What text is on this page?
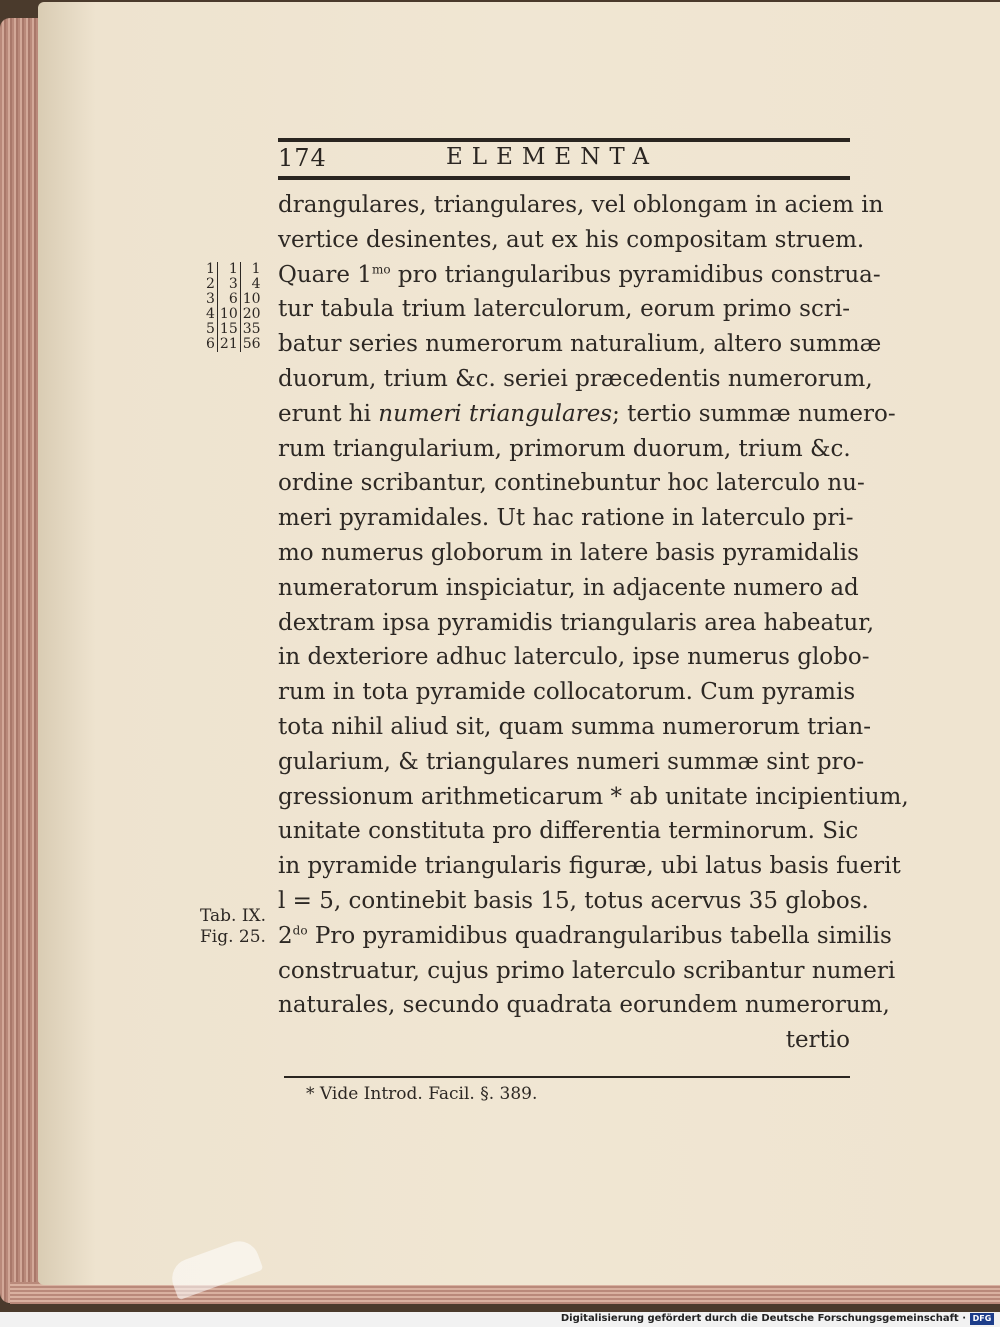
174	ELEMENTA
1	1	1
2	3	4
3	6	10
4	10	20
5	15	35
6	21	56
Tab. IX.
Fig. 25.
drangulares, triangulares, vel oblongam in aciem in
vertice desinentes, aut ex his compositam struem.
Quare $1^{mo}$ pro triangularibus pyramidibus construa-
tur tabula trium laterculorum, eorum primo scri-
batur series numerorum naturalium, altero summæ
duorum, trium &c. seriei præcedentis numerorum,
erunt hi numeri triangulares; tertio summæ numero-
rum triangularium, primorum duorum, trium &c.
ordine scribantur, continebuntur hoc laterculo nu-
meri pyramidales. Ut hac ratione in laterculo pri-
mo numerus globorum in latere basis pyramidalis
numeratorum inspiciatur, in adjacente numero ad
dextram ipsa pyramidis triangularis area habeatur,
in dexteriore adhuc laterculo, ipse numerus globo-
rum in tota pyramide collocatorum. Cum pyramis
tota nihil aliud sit, quam summa numerorum trian-
gularium, & triangulares numeri summæ sint pro-
gressionum arithmeticarum * ab unitate incipientium,
unitate constituta pro differentia terminorum. Sic
in pyramide triangularis figuræ, ubi latus basis fuerit
l = 5, continebit basis 15, totus acervus 35 globos.
$2^{do}$ Pro pyramidibus quadrangularibus tabella similis
construatur, cujus primo laterculo scribantur numeri
naturales, secundo quadrata eorundem numerorum,
tertio
* Vide Introd. Facil. §. 389.
Digitalisierung gefördert durch die Deutsche Forschungsgemeinschaft · DFG
